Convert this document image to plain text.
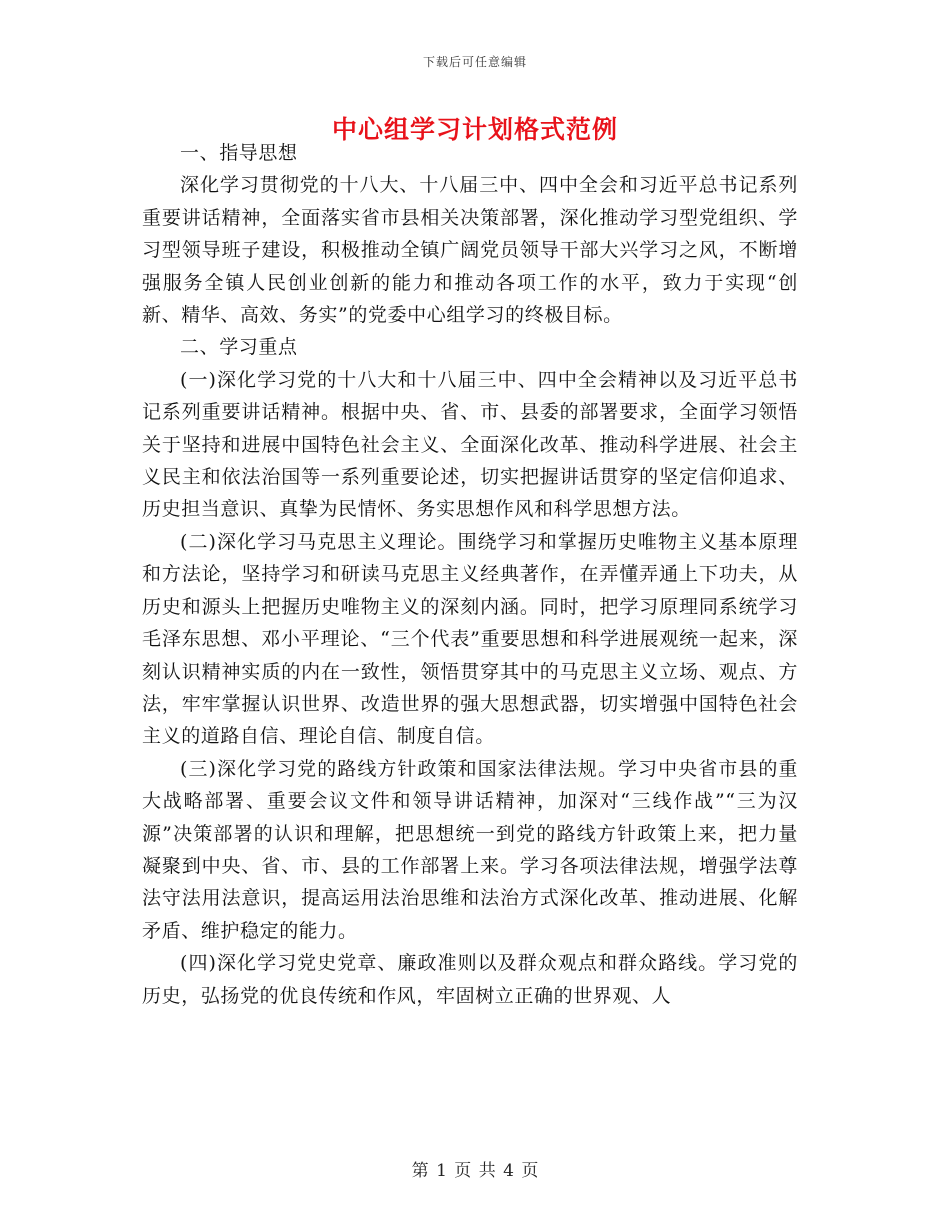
下载后可任意编辑
中心组学习计划格式范例

一、指导思想

深化学习贯彻党的十八大、十八届三中、四中全会和习近平总书记系列重要讲话精神，全面落实省市县相关决策部署，深化推动学习型党组织、学习型领导班子建设，积极推动全镇广阔党员领导干部大兴学习之风，不断增强服务全镇人民创业创新的能力和推动各项工作的水平，致力于实现“创新、精华、高效、务实”的党委中心组学习的终极目标。

二、学习重点

(一)深化学习党的十八大和十八届三中、四中全会精神以及习近平总书记系列重要讲话精神。根据中央、省、市、县委的部署要求，全面学习领悟关于坚持和进展中国特色社会主义、全面深化改革、推动科学进展、社会主义民主和依法治国等一系列重要论述，切实把握讲话贯穿的坚定信仰追求、历史担当意识、真挚为民情怀、务实思想作风和科学思想方法。

(二)深化学习马克思主义理论。围绕学习和掌握历史唯物主义基本原理和方法论，坚持学习和研读马克思主义经典著作，在弄懂弄通上下功夫，从历史和源头上把握历史唯物主义的深刻内涵。同时，把学习原理同系统学习毛泽东思想、邓小平理论、“三个代表”重要思想和科学进展观统一起来，深刻认识精神实质的内在一致性，领悟贯穿其中的马克思主义立场、观点、方法，牢牢掌握认识世界、改造世界的强大思想武器，切实增强中国特色社会主义的道路自信、理论自信、制度自信。

(三)深化学习党的路线方针政策和国家法律法规。学习中央省市县的重大战略部署、重要会议文件和领导讲话精神，加深对“三线作战”“三为汉源”决策部署的认识和理解，把思想统一到党的路线方针政策上来，把力量凝聚到中央、省、市、县的工作部署上来。学习各项法律法规，增强学法尊法守法用法意识，提高运用法治思维和法治方式深化改革、推动进展、化解矛盾、维护稳定的能力。

(四)深化学习党史党章、廉政准则以及群众观点和群众路线。学习党的历史，弘扬党的优良传统和作风，牢固树立正确的世界观、人

第 1 页 共 4 页
